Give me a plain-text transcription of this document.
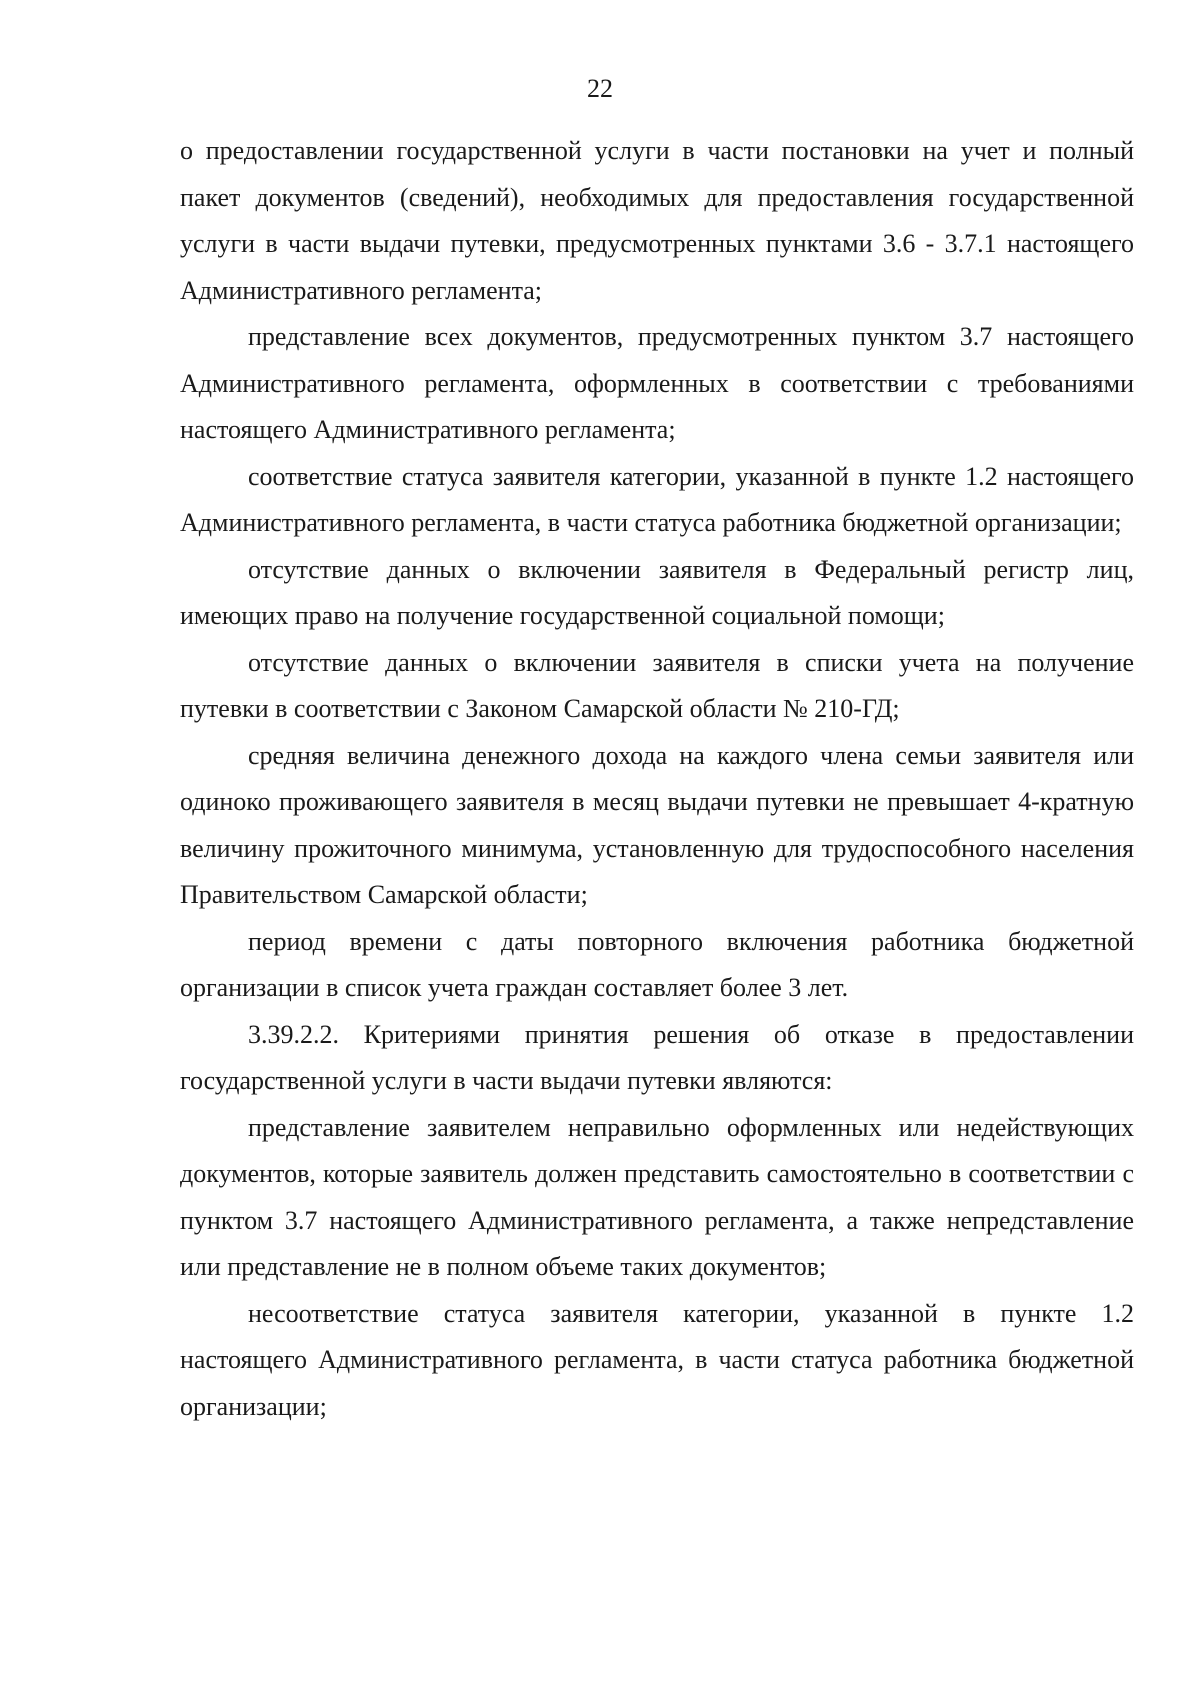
22

о предоставлении государственной услуги в части постановки на учет и полный пакет документов (сведений), необходимых для предоставления государственной услуги в части выдачи путевки, предусмотренных пунктами 3.6 - 3.7.1 настоящего Административного регламента;

представление всех документов, предусмотренных пунктом 3.7 настоящего Административного регламента, оформленных в соответствии с требованиями настоящего Административного регламента;

соответствие статуса заявителя категории, указанной в пункте 1.2 настоящего Административного регламента, в части статуса работника бюджетной организации;

отсутствие данных о включении заявителя в Федеральный регистр лиц, имеющих право на получение государственной социальной помощи;

отсутствие данных о включении заявителя в списки учета на получение путевки в соответствии с Законом Самарской области № 210-ГД;

средняя величина денежного дохода на каждого члена семьи заявителя или одиноко проживающего заявителя в месяц выдачи путевки не превышает 4-кратную величину прожиточного минимума, установленную для трудоспособного населения Правительством Самарской области;

период времени с даты повторного включения работника бюджетной организации в список учета граждан составляет более 3 лет.

3.39.2.2. Критериями принятия решения об отказе в предоставлении государственной услуги в части выдачи путевки являются:

представление заявителем неправильно оформленных или недействующих документов, которые заявитель должен представить самостоятельно в соответствии с пунктом 3.7 настоящего Административного регламента, а также непредставление или представление не в полном объеме таких документов;

несоответствие статуса заявителя категории, указанной в пункте 1.2 настоящего Административного регламента, в части статуса работника бюджетной организации;
